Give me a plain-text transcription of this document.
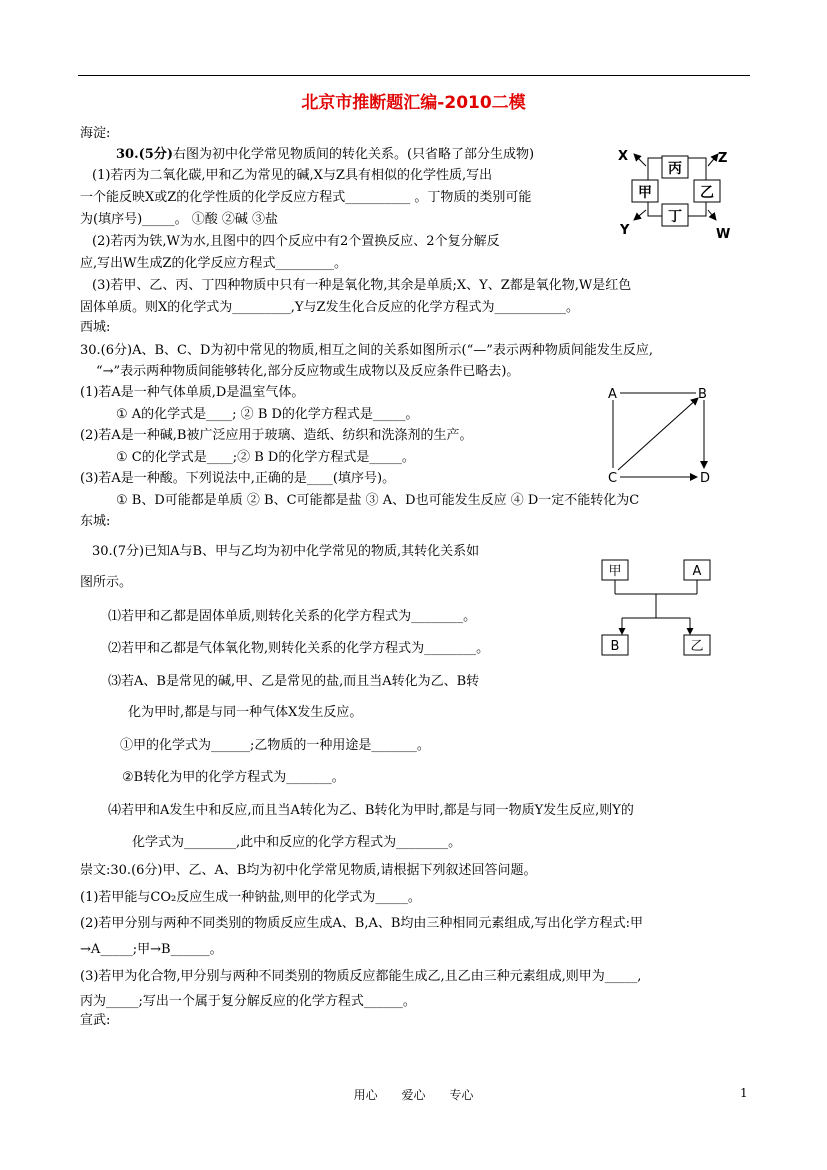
北京市推断题汇编-2010二模
海淀:
30.(5分)右图为初中化学常见物质间的转化关系。(只省略了部分生成物)
(1)若丙为二氧化碳,甲和乙为常见的碱,X与Z具有相似的化学性质,写出
一个能反映X或Z的化学性质的化学反应方程式__________ 。丁物质的类别可能
为(填序号)_____。 ①酸 ②碱 ③盐
(2)若丙为铁,W为水,且图中的四个反应中有2个置换反应、2个复分解反
应,写出W生成Z的化学反应方程式_________。
(3)若甲、乙、丙、丁四种物质中只有一种是氧化物,其余是单质;X、Y、Z都是氧化物,W是红色
固体单质。则X的化学式为_________,Y与Z发生化合反应的化学方程式为___________。
丙
甲	乙
丁
X	Z
Y	W
西城:
30.(6分)A、B、C、D为初中常见的物质,相互之间的关系如图所示(“—”表示两种物质间能发生反应,
“→”表示两种物质间能够转化,部分反应物或生成物以及反应条件已略去)。
(1)若A是一种气体单质,D是温室气体。
① A的化学式是____; ② B D的化学方程式是_____。
(2)若A是一种碱,B被广泛应用于玻璃、造纸、纺织和洗涤剂的生产。
① C的化学式是____;② B D的化学方程式是_____。
(3)若A是一种酸。下列说法中,正确的是____(填序号)。
① B、D可能都是单质 ② B、C可能都是盐 ③ A、D也可能发生反应 ④ D一定不能转化为C
A	B
C	D
东城:
30.(7分)已知A与B、甲与乙均为初中化学常见的物质,其转化关系如
图所示。
⑴若甲和乙都是固体单质,则转化关系的化学方程式为________。
⑵若甲和乙都是气体氧化物,则转化关系的化学方程式为________。
⑶若A、B是常见的碱,甲、乙是常见的盐,而且当A转化为乙、B转
化为甲时,都是与同一种气体X发生反应。
①甲的化学式为______;乙物质的一种用途是_______。
②B转化为甲的化学方程式为_______。
⑷若甲和A发生中和反应,而且当A转化为乙、B转化为甲时,都是与同一物质Y发生反应,则Y的
化学式为________,此中和反应的化学方程式为________。
甲	A
B	乙
崇文:30.(6分)甲、乙、A、B均为初中化学常见物质,请根据下列叙述回答问题。
(1)若甲能与CO₂反应生成一种钠盐,则甲的化学式为_____。
(2)若甲分别与两种不同类别的物质反应生成A、B,A、B均由三种相同元素组成,写出化学方程式:甲
→A_____;甲→B______。
(3)若甲为化合物,甲分别与两种不同类别的物质反应都能生成乙,且乙由三种元素组成,则甲为_____,
丙为_____;写出一个属于复分解反应的化学方程式______。
宣武:
用心 爱心 专心	1
